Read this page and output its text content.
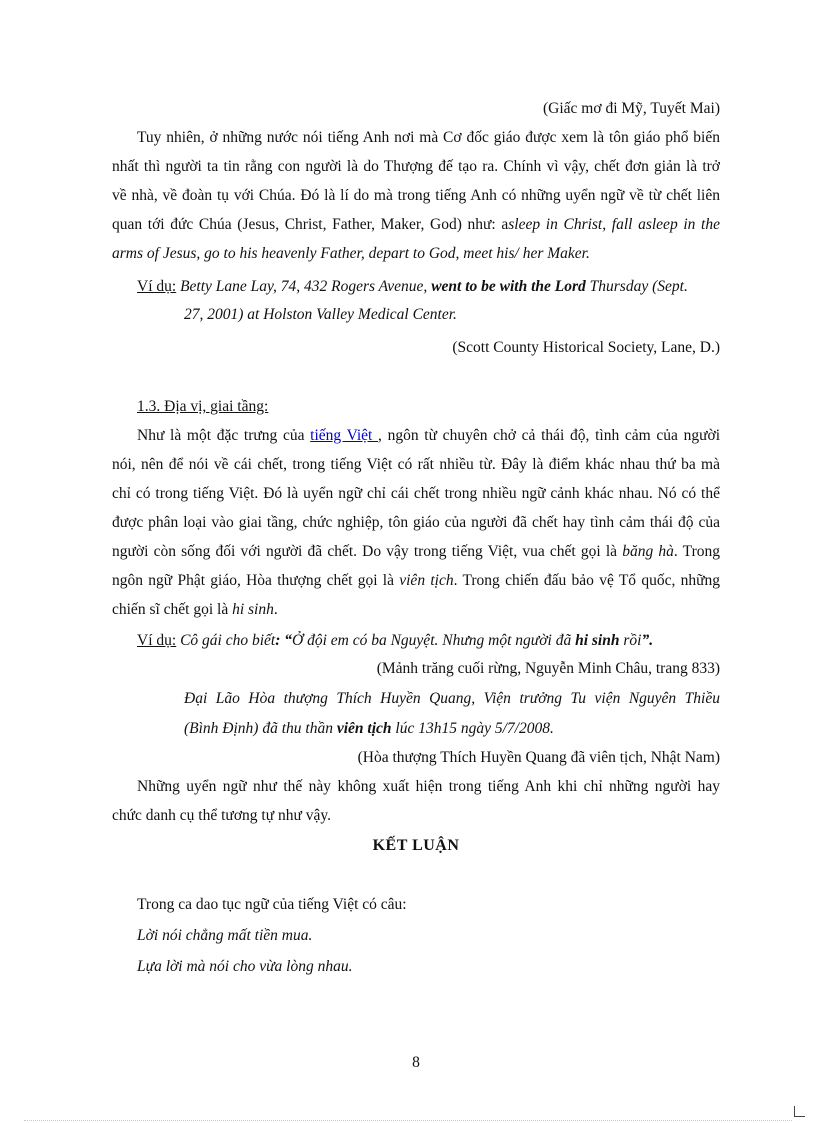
(Giấc mơ đi Mỹ, Tuyết Mai)
Tuy nhiên, ở những nước nói tiếng Anh nơi mà Cơ đốc giáo được xem là tôn giáo phổ biến
nhất thì người ta tin rằng con người là do Thượng đế tạo ra. Chính vì vậy, chết đơn giản là trở
về nhà, về đoàn tụ với Chúa. Đó là lí do mà trong tiếng Anh có những uyển ngữ về từ chết liên
quan tới đức Chúa (Jesus, Christ, Father, Maker, God) như: asleep in Christ, fall asleep in the
arms of Jesus, go to his heavenly Father, depart to God, meet his/ her Maker.
Ví dụ: Betty Lane Lay, 74, 432 Rogers Avenue, went to be with the Lord Thursday (Sept.
27, 2001) at Holston Valley Medical Center.
(Scott County Historical Society, Lane, D.)
1.3. Địa vị, giai tầng:
Như là một đặc trưng của tiếng Việt , ngôn từ chuyên chở cả thái độ, tình cảm của người
nói, nên để nói về cái chết, trong tiếng Việt có rất nhiều từ. Đây là điểm khác nhau thứ ba mà
chỉ có trong tiếng Việt. Đó là uyển ngữ chỉ cái chết trong nhiều ngữ cảnh khác nhau. Nó có thể
được phân loại vào giai tầng, chức nghiệp, tôn giáo của người đã chết hay tình cảm thái độ của
người còn sống đối với người đã chết. Do vậy trong tiếng Việt, vua chết gọi là băng hà. Trong
ngôn ngữ Phật giáo, Hòa thượng chết gọi là viên tịch. Trong chiến đấu bảo vệ Tổ quốc, những
chiến sĩ chết gọi là hi sinh.
Ví dụ: Cô gái cho biết: “Ở đội em có ba Nguyệt. Nhưng một người đã hi sinh rồi”.
(Mảnh trăng cuối rừng, Nguyễn Minh Châu, trang 833)
Đại Lão Hòa thượng Thích Huyền Quang, Viện trưởng Tu viện Nguyên Thiều
(Bình Định) đã thu thần viên tịch lúc 13h15 ngày 5/7/2008.
(Hòa thượng Thích Huyền Quang đã viên tịch, Nhật Nam)
Những uyển ngữ như thế này không xuất hiện trong tiếng Anh khi chỉ những người hay
chức danh cụ thể tương tự như vậy.
KẾT LUẬN
Trong ca dao tục ngữ của tiếng Việt có câu:
Lời nói chẳng mất tiền mua.
Lựa lời mà nói cho vừa lòng nhau.
8
